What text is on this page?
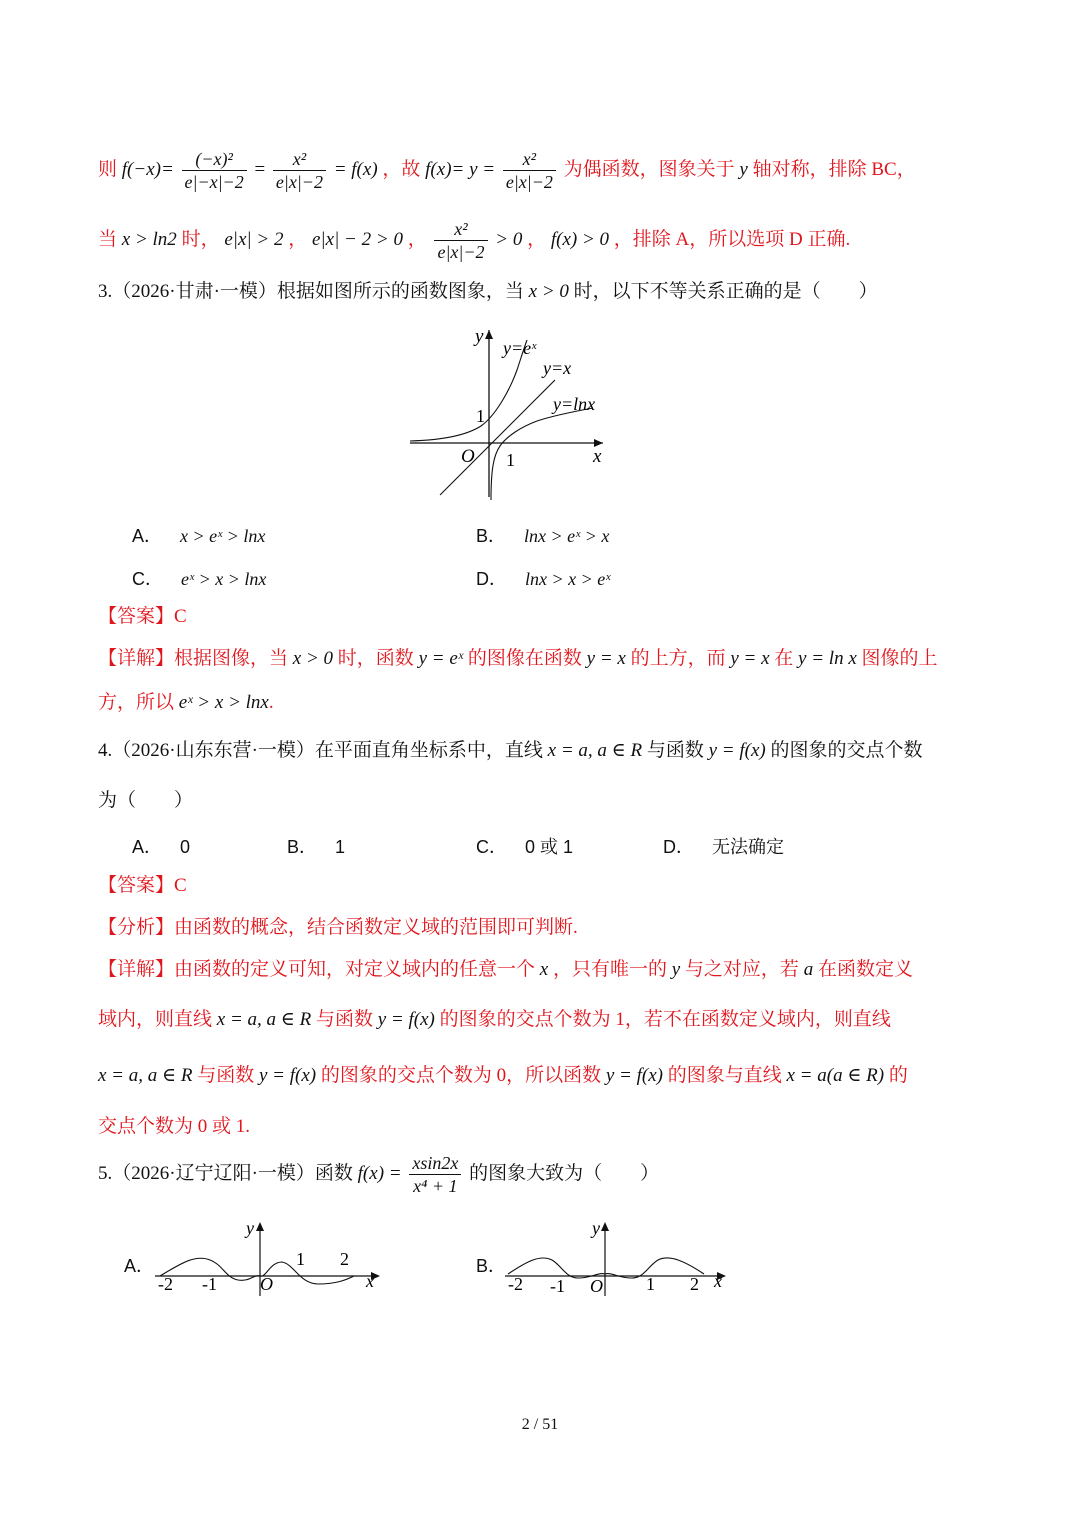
则 $f(-x)= \frac{\text{(−x)²}}{e|-x|-2} = \frac{\text{x²}}{e|x|-2} = f(x)$ ，故 $f(x)= y = \frac{\text{x²}}{e|x|-2}$ 为偶函数，图象关于 y 轴对称，排除 BC，
当 x > ln2 时， e|x| > 2 ， e|x| − 2 > 0 ， $\frac{\text{x²}}{e|x|-2} > 0$ ， f(x) > 0 ，排除 A，所以选项 D 正确.
3.（2026·甘肃·一模）根据如图所示的函数图象，当 x > 0 时，以下不等关系正确的是（　　）
y
x
O
1
1
y=eˣ
y=x
y=lnx
A． x > eˣ > lnx	B． lnx > eˣ > x
C． eˣ > x > lnx	D． lnx > x > eˣ
【答案】C
【详解】根据图像，当 x > 0 时，函数 y = eˣ 的图像在函数 y = x 的上方，而 y = x 在 y = ln x 图像的上
方，所以 eˣ > x > lnx.
4.（2026·山东东营·一模）在平面直角坐标系中，直线 x = a, a ∈ R 与函数 y = f(x) 的图象的交点个数
为（　　）
A． 0	B． 1	C． 0 或 1	D． 无法确定
【答案】C
【分析】由函数的概念，结合函数定义域的范围即可判断.
【详解】由函数的定义可知，对定义域内的任意一个 x ，只有唯一的 y 与之对应，若 a 在函数定义
域内，则直线 x = a, a ∈ R 与函数 y = f(x) 的图象的交点个数为 1，若不在函数定义域内，则直线
x = a, a ∈ R 与函数 y = f(x) 的图象的交点个数为 0，所以函数 y = f(x) 的图象与直线 x = a(a ∈ R) 的
交点个数为 0 或 1.
5.（2026·辽宁辽阳·一模）函数 $f(x) = \frac{xsin2x}{\text{x⁴ + 1}}$ 的图象大致为（　　）
A．
y
x
O
-2 -1
1 2	B．
y
x
O
-2 -1	1 2
2 / 51
